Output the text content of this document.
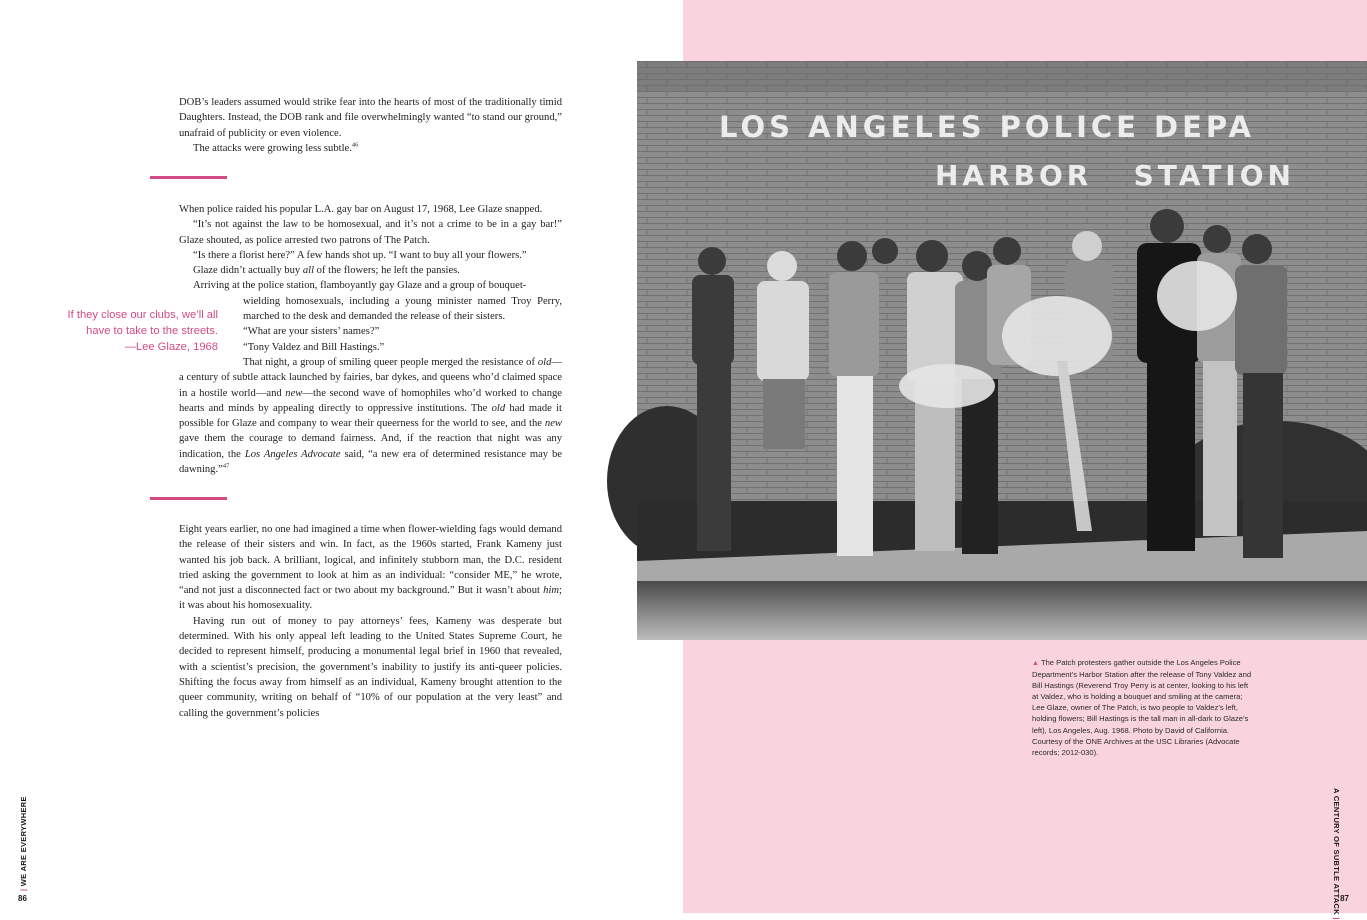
DOB’s leaders assumed would strike fear into the hearts of most of the traditionally timid Daughters. Instead, the DOB rank and file overwhelmingly wanted “to stand our ground,” unafraid of publicity or even violence.

The attacks were growing less subtle.$^{46}$

When police raided his popular L.A. gay bar on August 17, 1968, Lee Glaze snapped.

“It’s not against the law to be homosexual, and it’s not a crime to be in a gay bar!” Glaze shouted, as police arrested two patrons of The Patch.

“Is there a florist here?” A few hands shot up. “I want to buy all your flowers.”

Glaze didn’t actually buy all of the flowers; he left the pansies.

Arriving at the police station, flamboyantly gay Glaze and a group of bouquet-

wielding homosexuals, including a young minister named Troy Perry, marched to the desk and demanded the release of their sisters.

“What are your sisters’ names?”

“Tony Valdez and Bill Hastings.”

That night, a group of smiling queer people merged the resistance of old—a century of subtle attack launched by fairies, bar dykes, and queens who’d claimed space in a hostile world—and new—the second wave of homophiles who’d worked to change hearts and minds by appealing directly to oppressive institutions. The old had made it possible for Glaze and company to wear their queerness for the world to see, and the new gave them the courage to demand fairness. And, if the reaction that night was any indication, the Los Angeles Advocate said, “a new era of determined resistance may be dawning.”$^{47}$

If they close our clubs, we’ll all
have to take to the streets.
—Lee Glaze, 1968

Eight years earlier, no one had imagined a time when flower-wielding fags would demand the release of their sisters and win. In fact, as the 1960s started, Frank Kameny just wanted his job back. A brilliant, logical, and infinitely stubborn man, the D.C. resident tried asking the government to look at him as an individual: “consider ME,” he wrote, “and not just a disconnected fact or two about my background.” But it wasn’t about him; it was about his homosexuality.

Having run out of money to pay attorneys’ fees, Kameny was desperate but determined. With his only appeal left leading to the United States Supreme Court, he decided to represent himself, producing a monumental legal brief in 1960 that revealed, with a scientist’s precision, the government’s inability to justify its anti-queer policies. Shifting the focus away from himself as an individual, Kameny brought attention to the queer community, writing on behalf of “10% of our population at the very least” and calling the government’s policies

| WE ARE EVERYWHERE
86
LOS ANGELES POLICE DEPA
HARBOR   STATION
▲ The Patch protesters gather outside the Los Angeles Police Department’s Harbor Station after the release of Tony Valdez and Bill Hastings (Reverend Troy Perry is at center, looking to his left at Valdez, who is holding a bouquet and smiling at the camera; Lee Glaze, owner of The Patch, is two people to Valdez’s left, holding flowers; Bill Hastings is the tall man in all-dark to Glaze’s left), Los Angeles, Aug. 1968. Photo by David of California. Courtesy of the ONE Archives at the USC Libraries (Advocate records; 2012-030).
A CENTURY OF SUBTLE ATTACK |
87
